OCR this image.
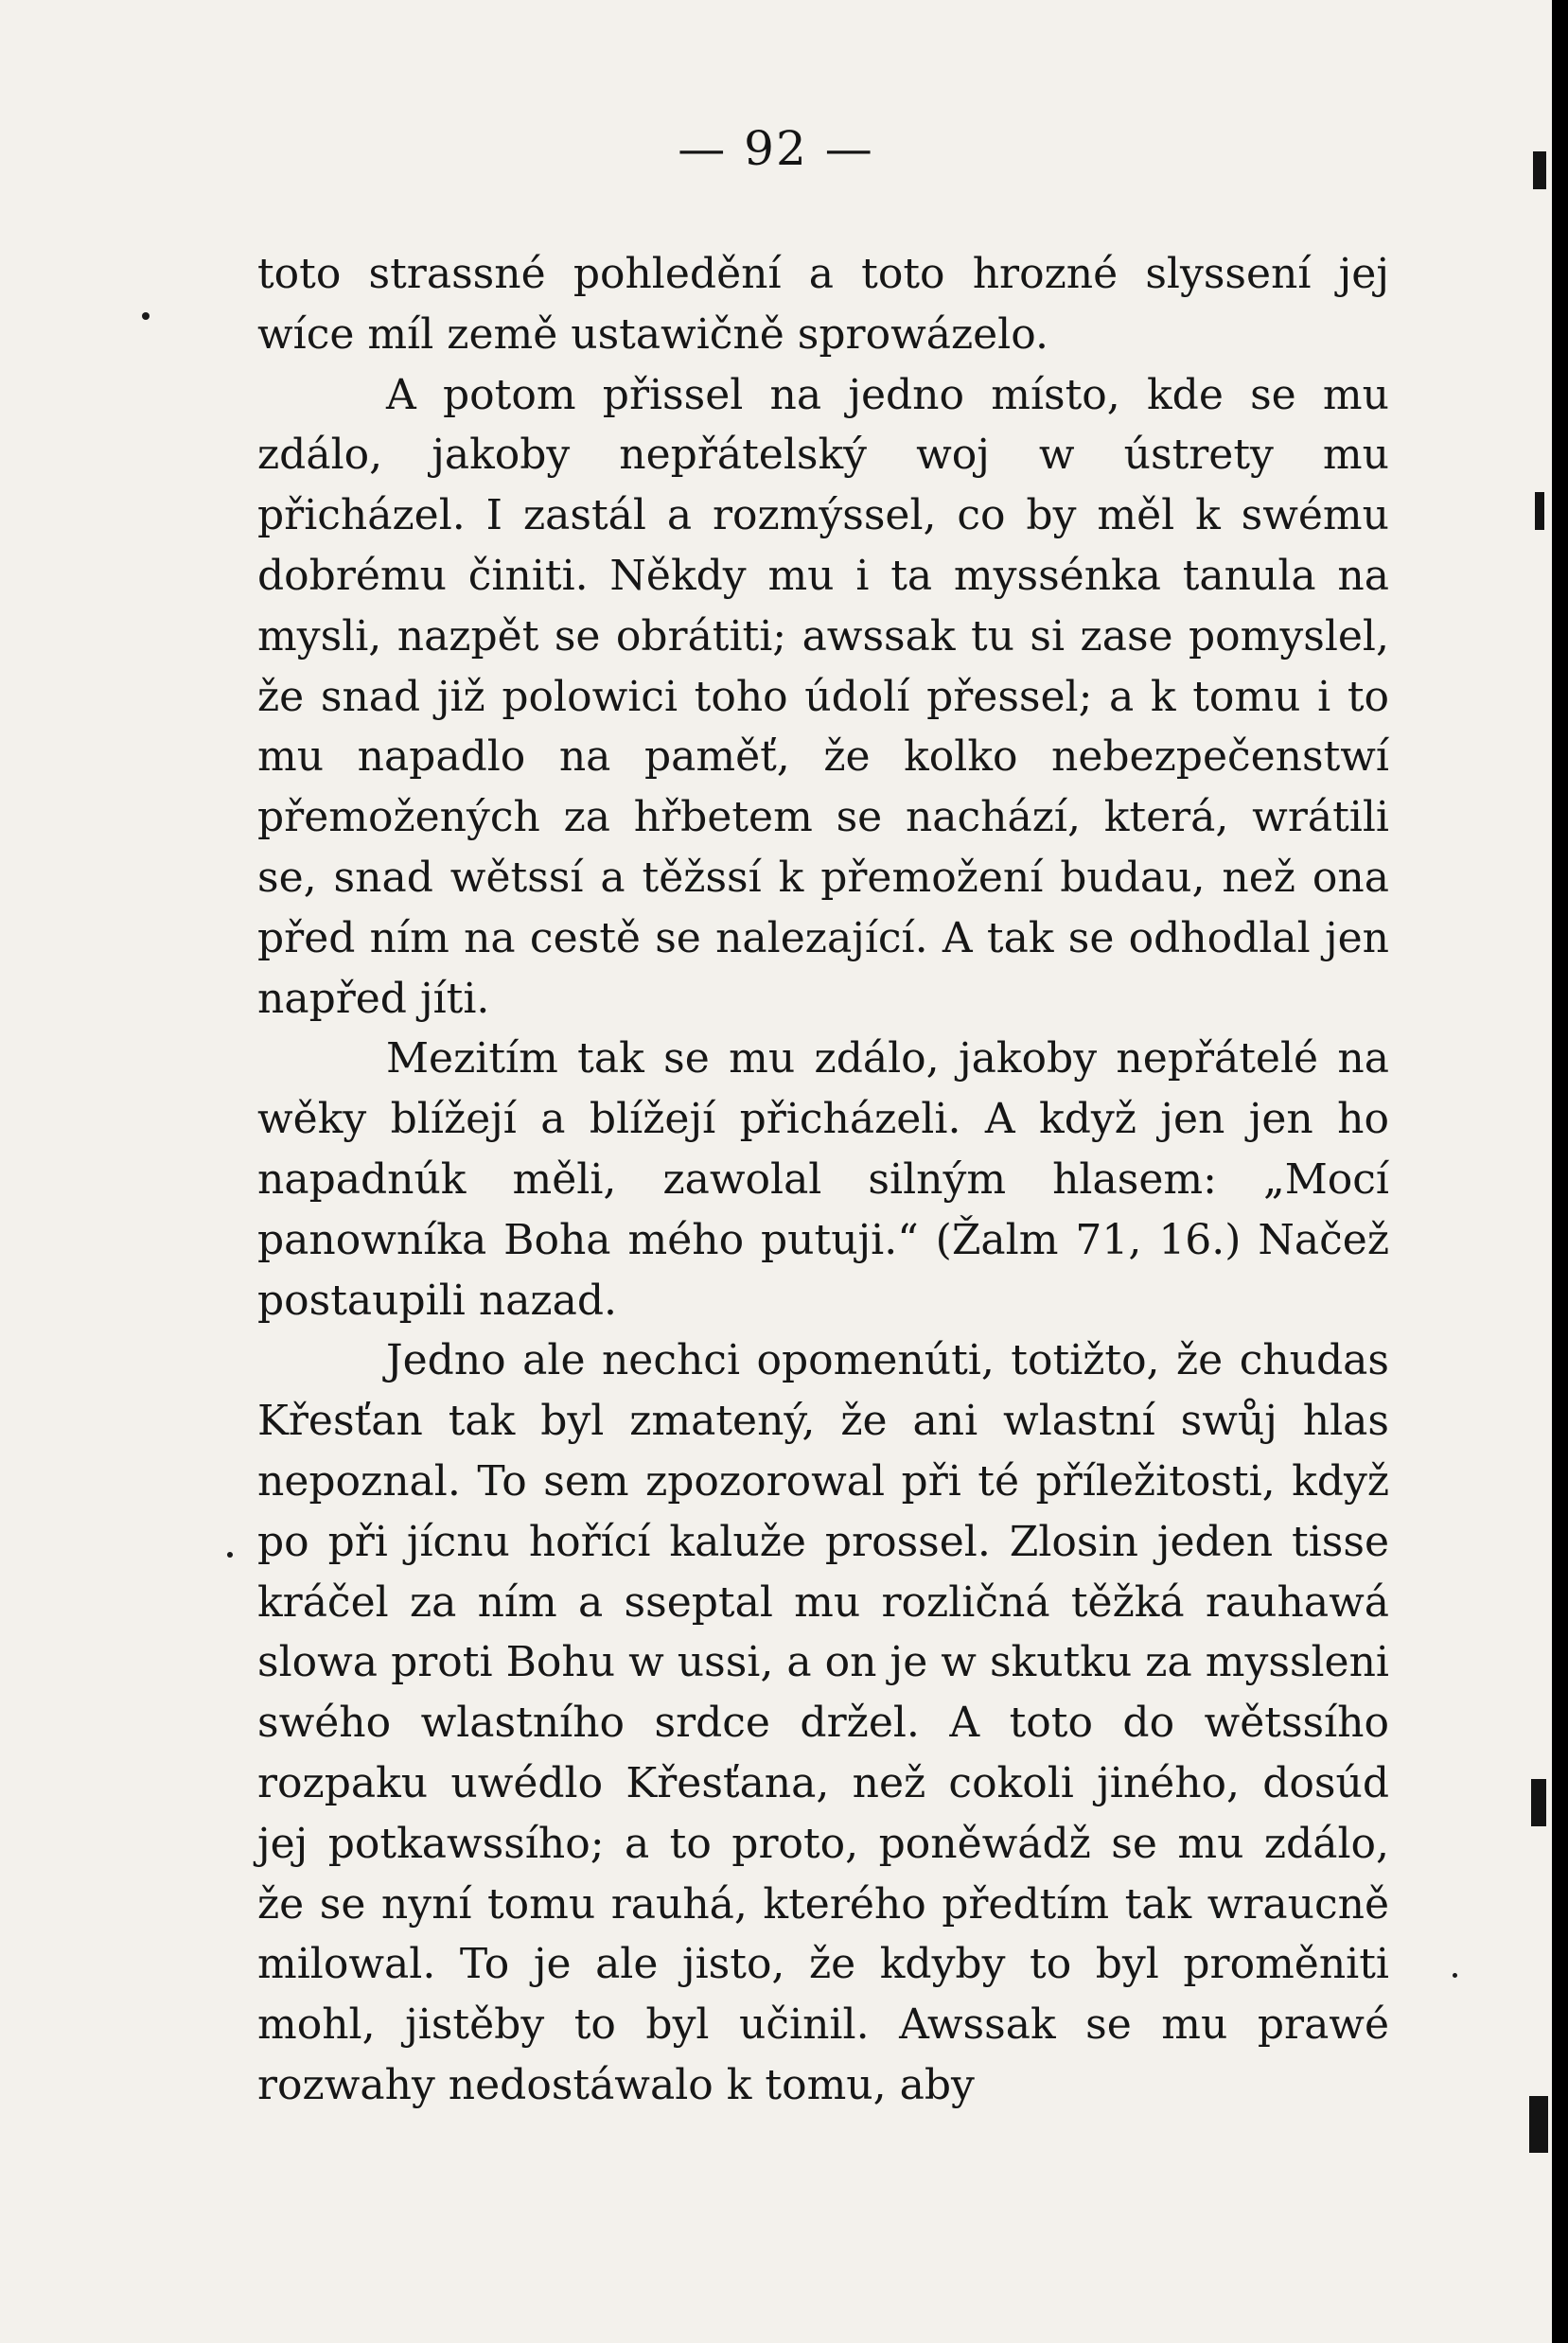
— 92 —

toto strassné pohledění a toto hrozné slyssení jej wíce míl země ustawičně sprowázelo.

A potom přissel na jedno místo, kde se mu zdálo, jakoby nepřátelský woj w ústrety mu přicházel. I zastál a rozmýssel, co by měl k swému dobrému činiti. Někdy mu i ta myssénka tanula na mysli, nazpět se obrátiti; awssak tu si zase pomyslel, že snad již polowici toho údolí přessel; a k tomu i to mu napadlo na paměť, že kolko nebezpečenstwí přemožených za hřbetem se nachází, která, wrátili se, snad wětssí a těžssí k přemožení budau, než ona před ním na cestě se nalezající. A tak se odhodlal jen napřed jíti.

Mezitím tak se mu zdálo, jakoby nepřátelé na wěky blížejí a blížejí přicházeli. A když jen jen ho napadnúk měli, zawolal silným hlasem: „Mocí panowníka Boha mého putuji.“ (Žalm 71, 16.) Načež postaupili nazad.

Jedno ale nechci opomenúti, totižto, že chudas Křesťan tak byl zmatený, že ani wlastní swůj hlas nepoznal. To sem zpozorowal při té příležitosti, když po při jícnu hořící kaluže prossel. Zlosin jeden tisse kráčel za ním a sseptal mu rozličná těžká rauhawá slowa proti Bohu w ussi, a on je w skutku za myssleni swého wlastního srdce držel. A toto do wětssího rozpaku uwédlo Křesťana, než cokoli jiného, dosúd jej potkawssího; a to proto, poněwádž se mu zdálo, že se nyní tomu rauhá, kterého předtím tak wraucně milowal. To je ale jisto, že kdyby to byl proměniti mohl, jistěby to byl učinil. Awssak se mu prawé rozwahy nedostáwalo k tomu, aby
